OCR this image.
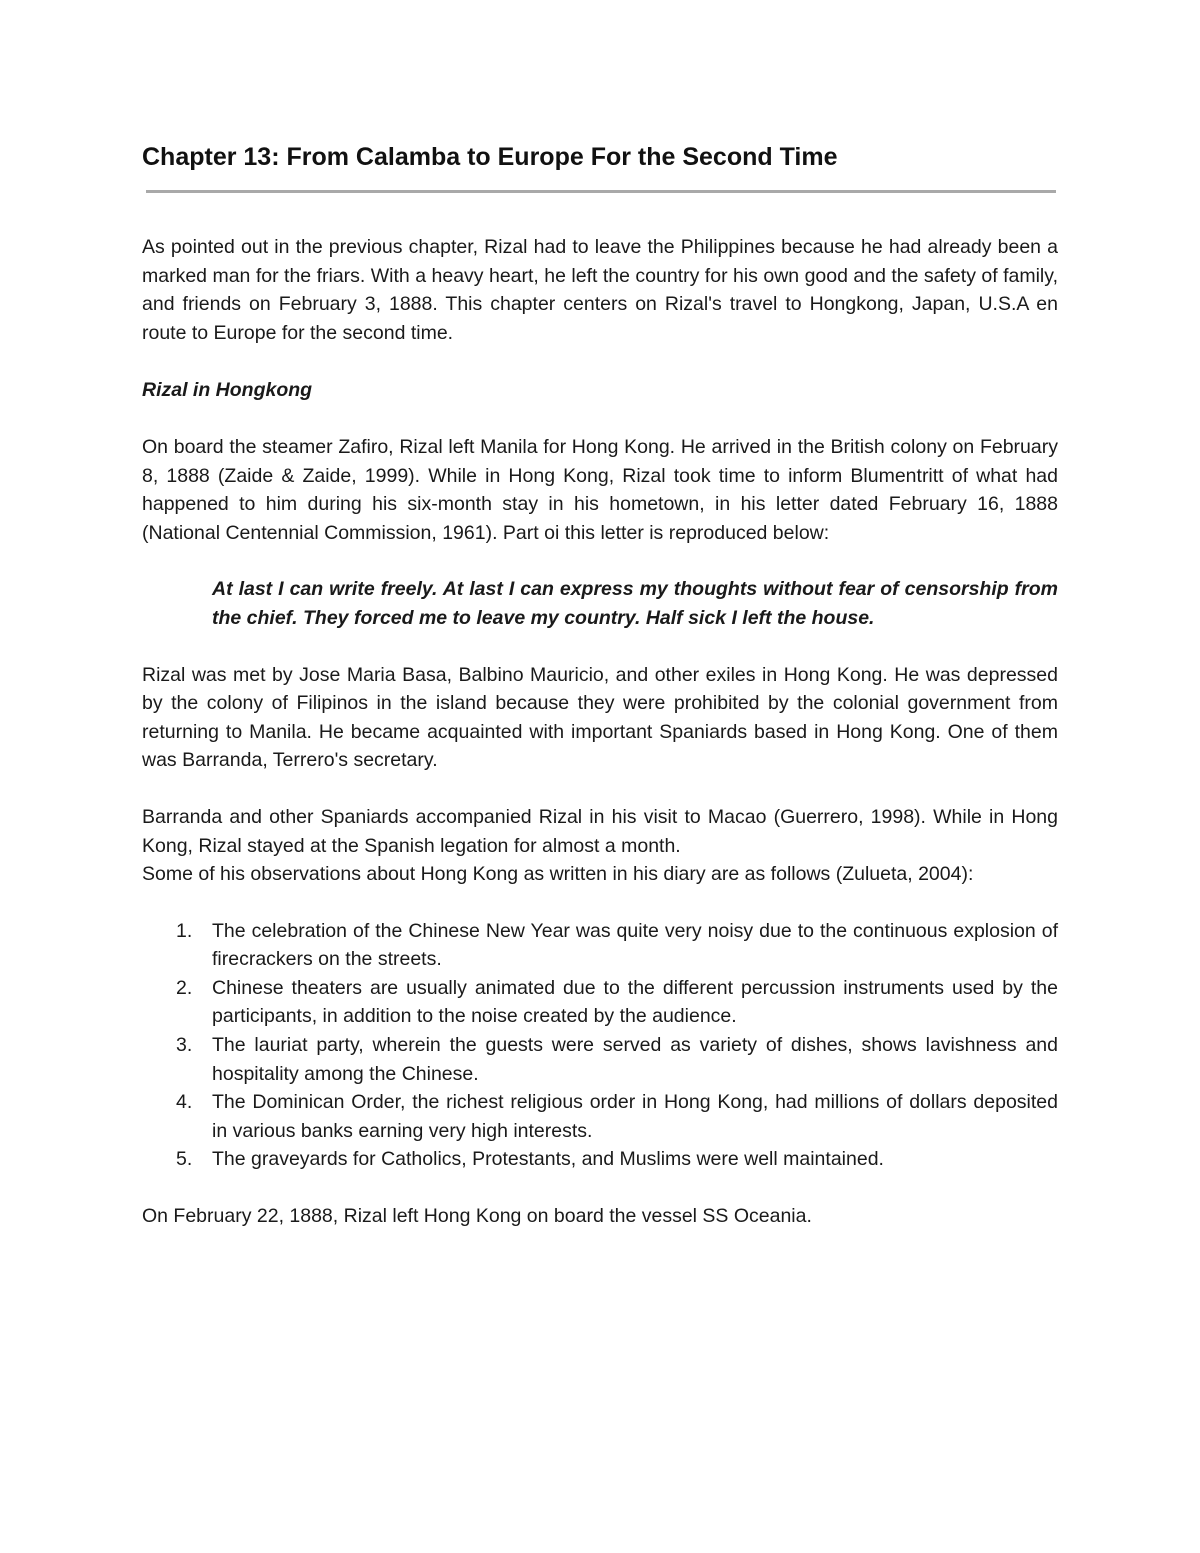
Chapter 13: From Calamba to Europe For the Second Time

As pointed out in the previous chapter, Rizal had to leave the Philippines because he had already been a marked man for the friars. With a heavy heart, he left the country for his own good and the safety of family, and friends on February 3, 1888. This chapter centers on Rizal's travel to Hongkong, Japan, U.S.A en route to Europe for the second time.

Rizal in Hongkong

On board the steamer Zafiro, Rizal left Manila for Hong Kong. He arrived in the British colony on February 8, 1888 (Zaide & Zaide, 1999). While in Hong Kong, Rizal took time to inform Blumentritt of what had happened to him during his six-month stay in his hometown, in his letter dated February 16, 1888 (National Centennial Commission, 1961). Part oi this letter is reproduced below:

At last I can write freely. At last I can express my thoughts without fear of censorship from the chief. They forced me to leave my country. Half sick I left the house.

Rizal was met by Jose Maria Basa, Balbino Mauricio, and other exiles in Hong Kong. He was depressed by the colony of Filipinos in the island because they were prohibited by the colonial government from returning to Manila. He became acquainted with important Spaniards based in Hong Kong. One of them was Barranda, Terrero's secretary.

Barranda and other Spaniards accompanied Rizal in his visit to Macao (Guerrero, 1998). While in Hong Kong, Rizal stayed at the Spanish legation for almost a month.

Some of his observations about Hong Kong as written in his diary are as follows (Zulueta, 2004):

1. The celebration of the Chinese New Year was quite very noisy due to the continuous explosion of firecrackers on the streets.
2. Chinese theaters are usually animated due to the different percussion instruments used by the participants, in addition to the noise created by the audience.
3. The lauriat party, wherein the guests were served as variety of dishes, shows lavishness and hospitality among the Chinese.
4. The Dominican Order, the richest religious order in Hong Kong, had millions of dollars deposited in various banks earning very high interests.
5. The graveyards for Catholics, Protestants, and Muslims were well maintained.

On February 22, 1888, Rizal left Hong Kong on board the vessel SS Oceania.
